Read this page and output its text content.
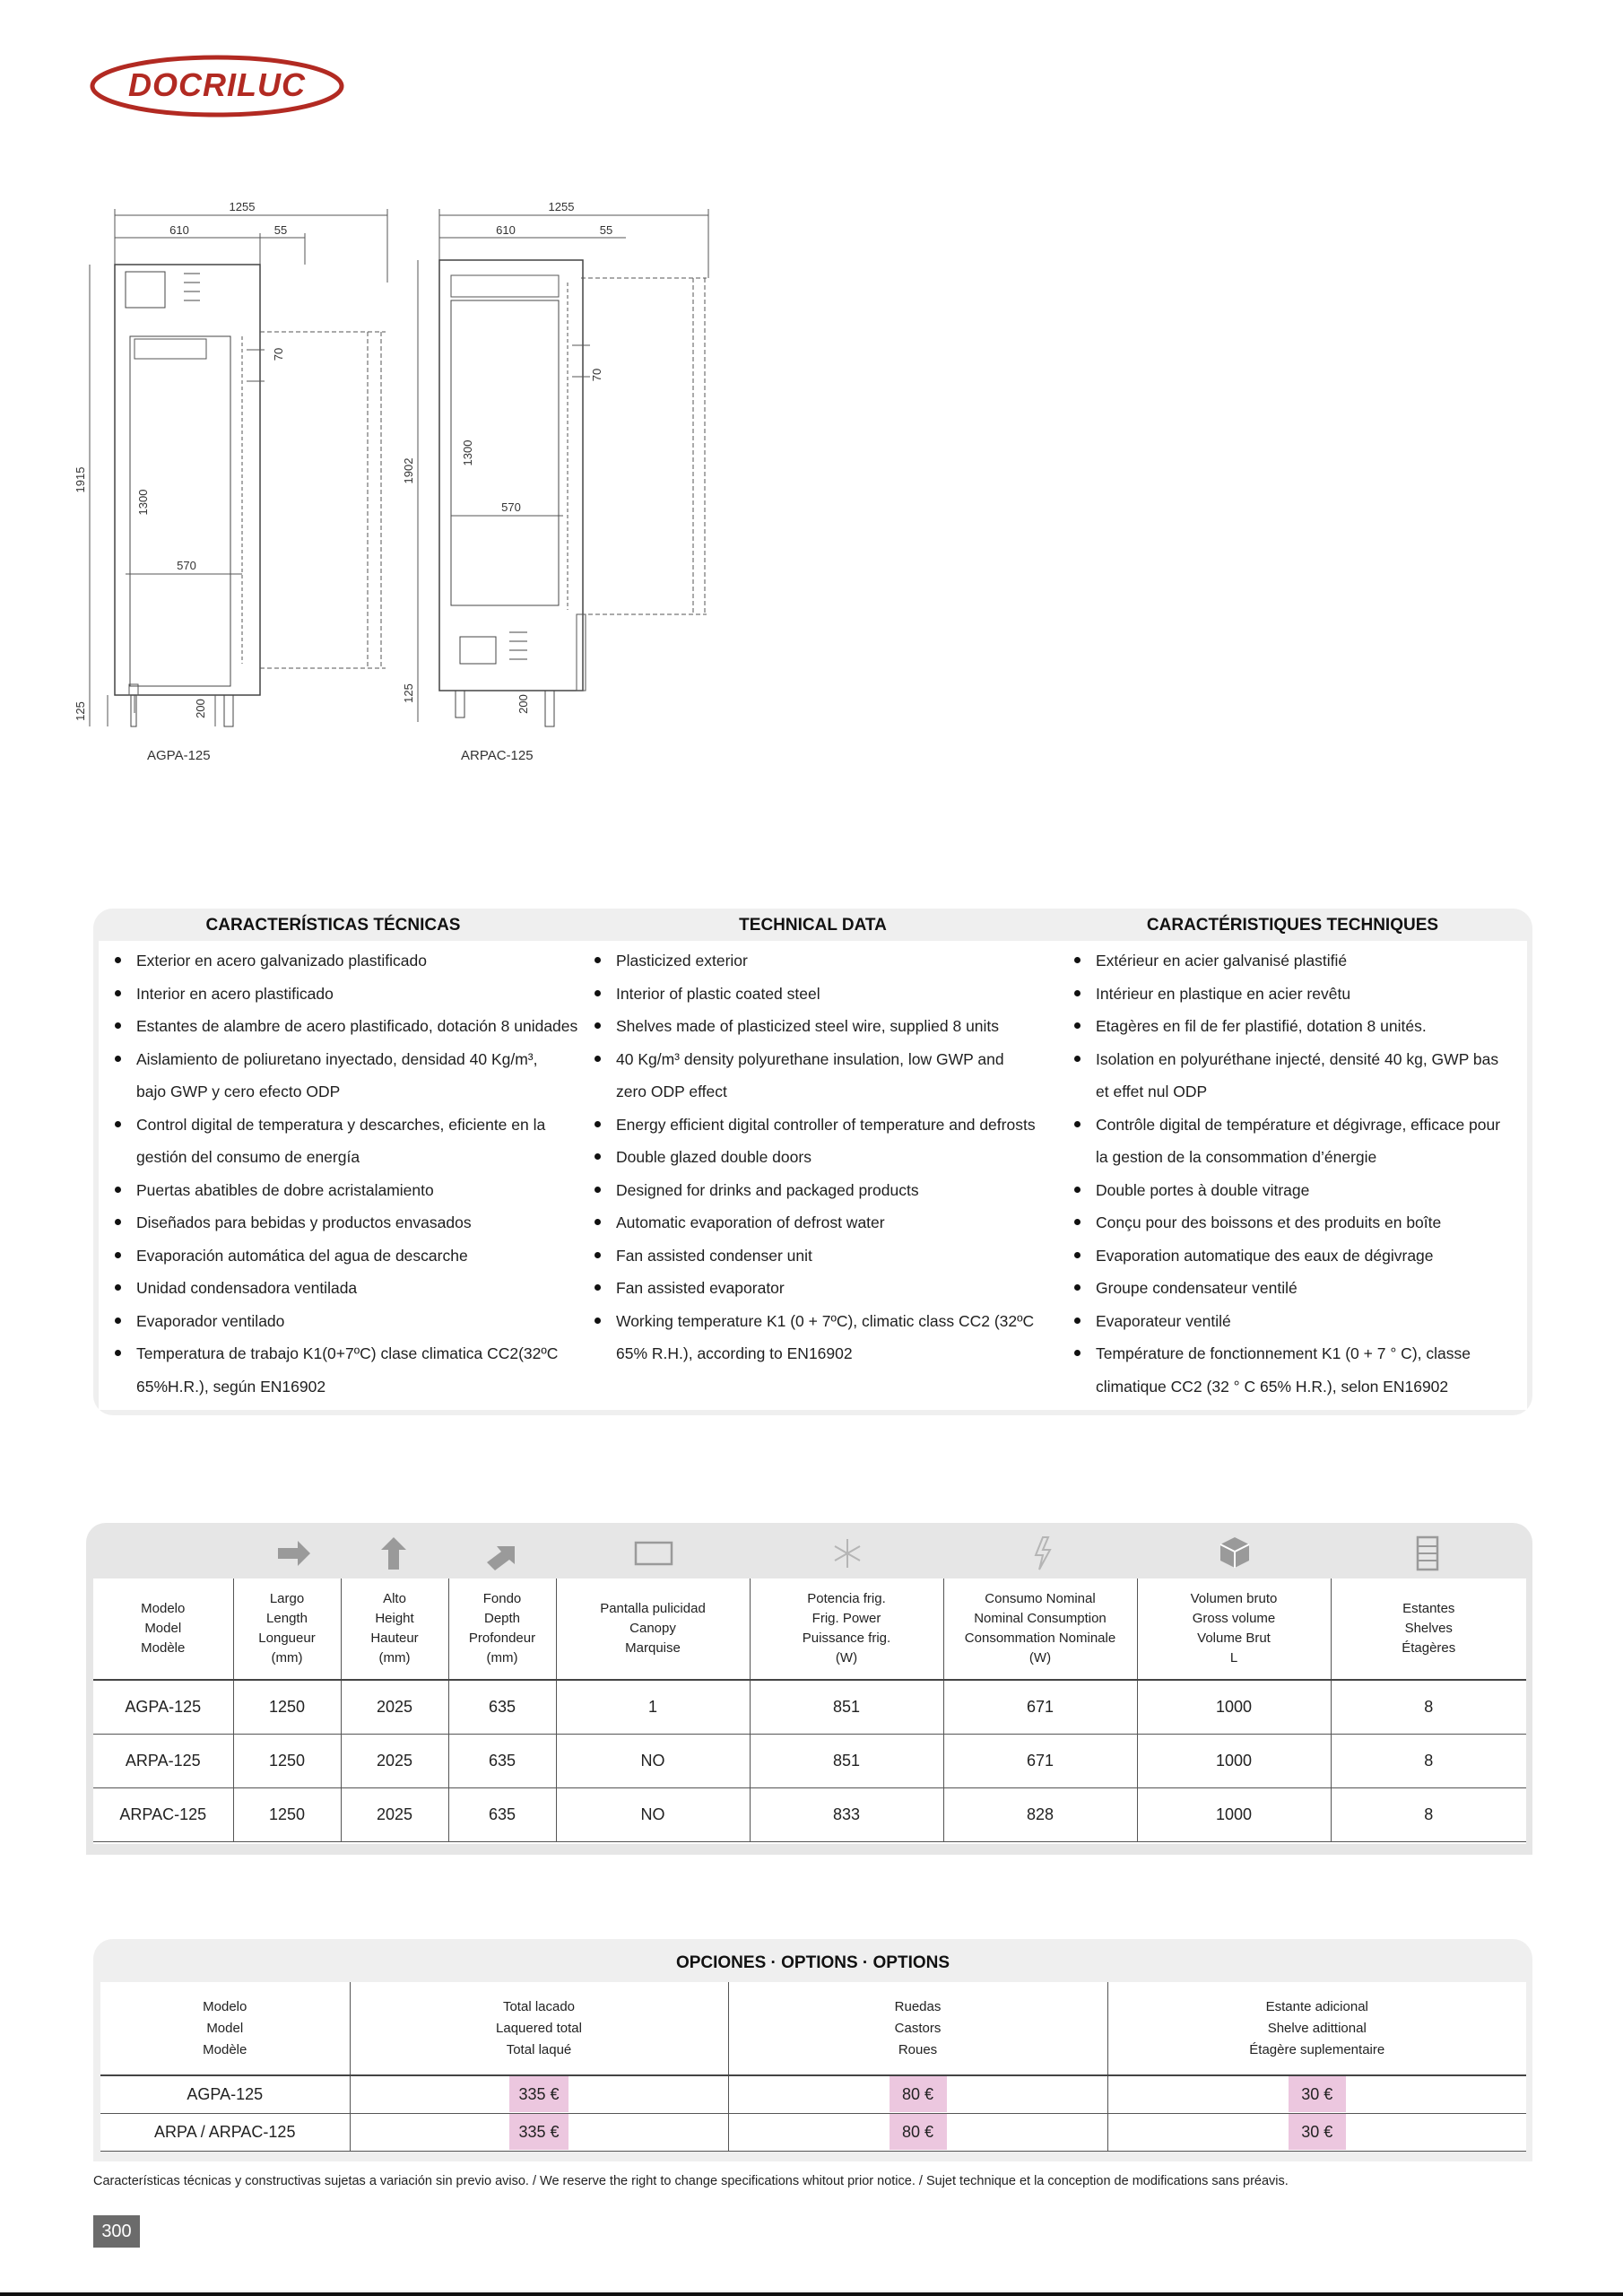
DOCRILUC
1255
610	55
70
1915
1300
570
125	200
AGPA-125
1255
610	55
70
1902
1300
570
125
200
ARPAC-125
CARACTERÍSTICAS TÉCNICAS	TECHNICAL DATA	CARACTÉRISTIQUES TECHNIQUES
Exterior en acero galvanizado plastificado
Interior en acero plastificado
Estantes de alambre de acero plastificado, dotación 8 unidades
Aislamiento de poliuretano inyectado, densidad 40 Kg/m³,
bajo GWP y cero efecto ODP
Control digital de temperatura y descarches, eficiente en la
gestión del consumo de energía
Puertas abatibles de dobre acristalamiento
Diseñados para bebidas y productos envasados
Evaporación automática del agua de descarche
Unidad condensadora ventilada
Evaporador ventilado
Temperatura de trabajo K1(0+7ºC) clase climatica CC2(32ºC
65%H.R.), según EN16902
Plasticized exterior
Interior of plastic coated steel
Shelves made of plasticized steel wire, supplied 8 units
40 Kg/m³ density polyurethane insulation, low GWP and
zero ODP effect
Energy efficient digital controller of temperature and defrosts
Double glazed double doors
Designed for drinks and packaged products
Automatic evaporation of defrost water
Fan assisted condenser unit
Fan assisted evaporator
Working temperature K1 (0 + 7ºC), climatic class CC2 (32ºC
65% R.H.), according to EN16902
Extérieur en acier galvanisé plastifié
Intérieur en plastique en acier revêtu
Etagères en fil de fer plastifié, dotation 8 unités.
Isolation en polyuréthane injecté, densité 40 kg, GWP bas
et effet nul ODP
Contrôle digital de température et dégivrage, efficace pour
la gestion de la consommation d’énergie
Double portes à double vitrage
Conçu pour des boissons et des produits en boîte
Evaporation automatique des eaux de dégivrage
Groupe condensateur ventilé
Evaporateur ventilé
Température de fonctionnement K1 (0 + 7 ° C), classe
climatique CC2 (32 ° C 65% H.R.), selon EN16902
Modelo
Model
Modèle	Largo
Length
Longueur
(mm)	Alto
Height
Hauteur
(mm)	Fondo
Depth
Profondeur
(mm)	Pantalla pulicidad
Canopy
Marquise	Potencia frig.
Frig. Power
Puissance frig.
(W)	Consumo Nominal
Nominal Consumption
Consommation Nominale
(W)	Volumen bruto
Gross volume
Volume Brut
L	Estantes
Shelves
Étagères
AGPA-125	1250	2025	635	1	851	671	1000	8
ARPA-125	1250	2025	635	NO	851	671	1000	8
ARPAC-125	1250	2025	635	NO	833	828	1000	8
OPCIONES · OPTIONS · OPTIONS
Modelo
Model
Modèle	Total lacado
Laquered total
Total laqué	Ruedas
Castors
Roues	Estante adicional
Shelve adittional
Étagère suplementaire
AGPA-125	335 €	80 €	30 €
ARPA / ARPAC-125	335 €	80 €	30 €
Características técnicas y constructivas sujetas a variación sin previo aviso. / We reserve the right to change specifications whitout prior notice. / Sujet technique et la conception de modifications sans préavis.
300
